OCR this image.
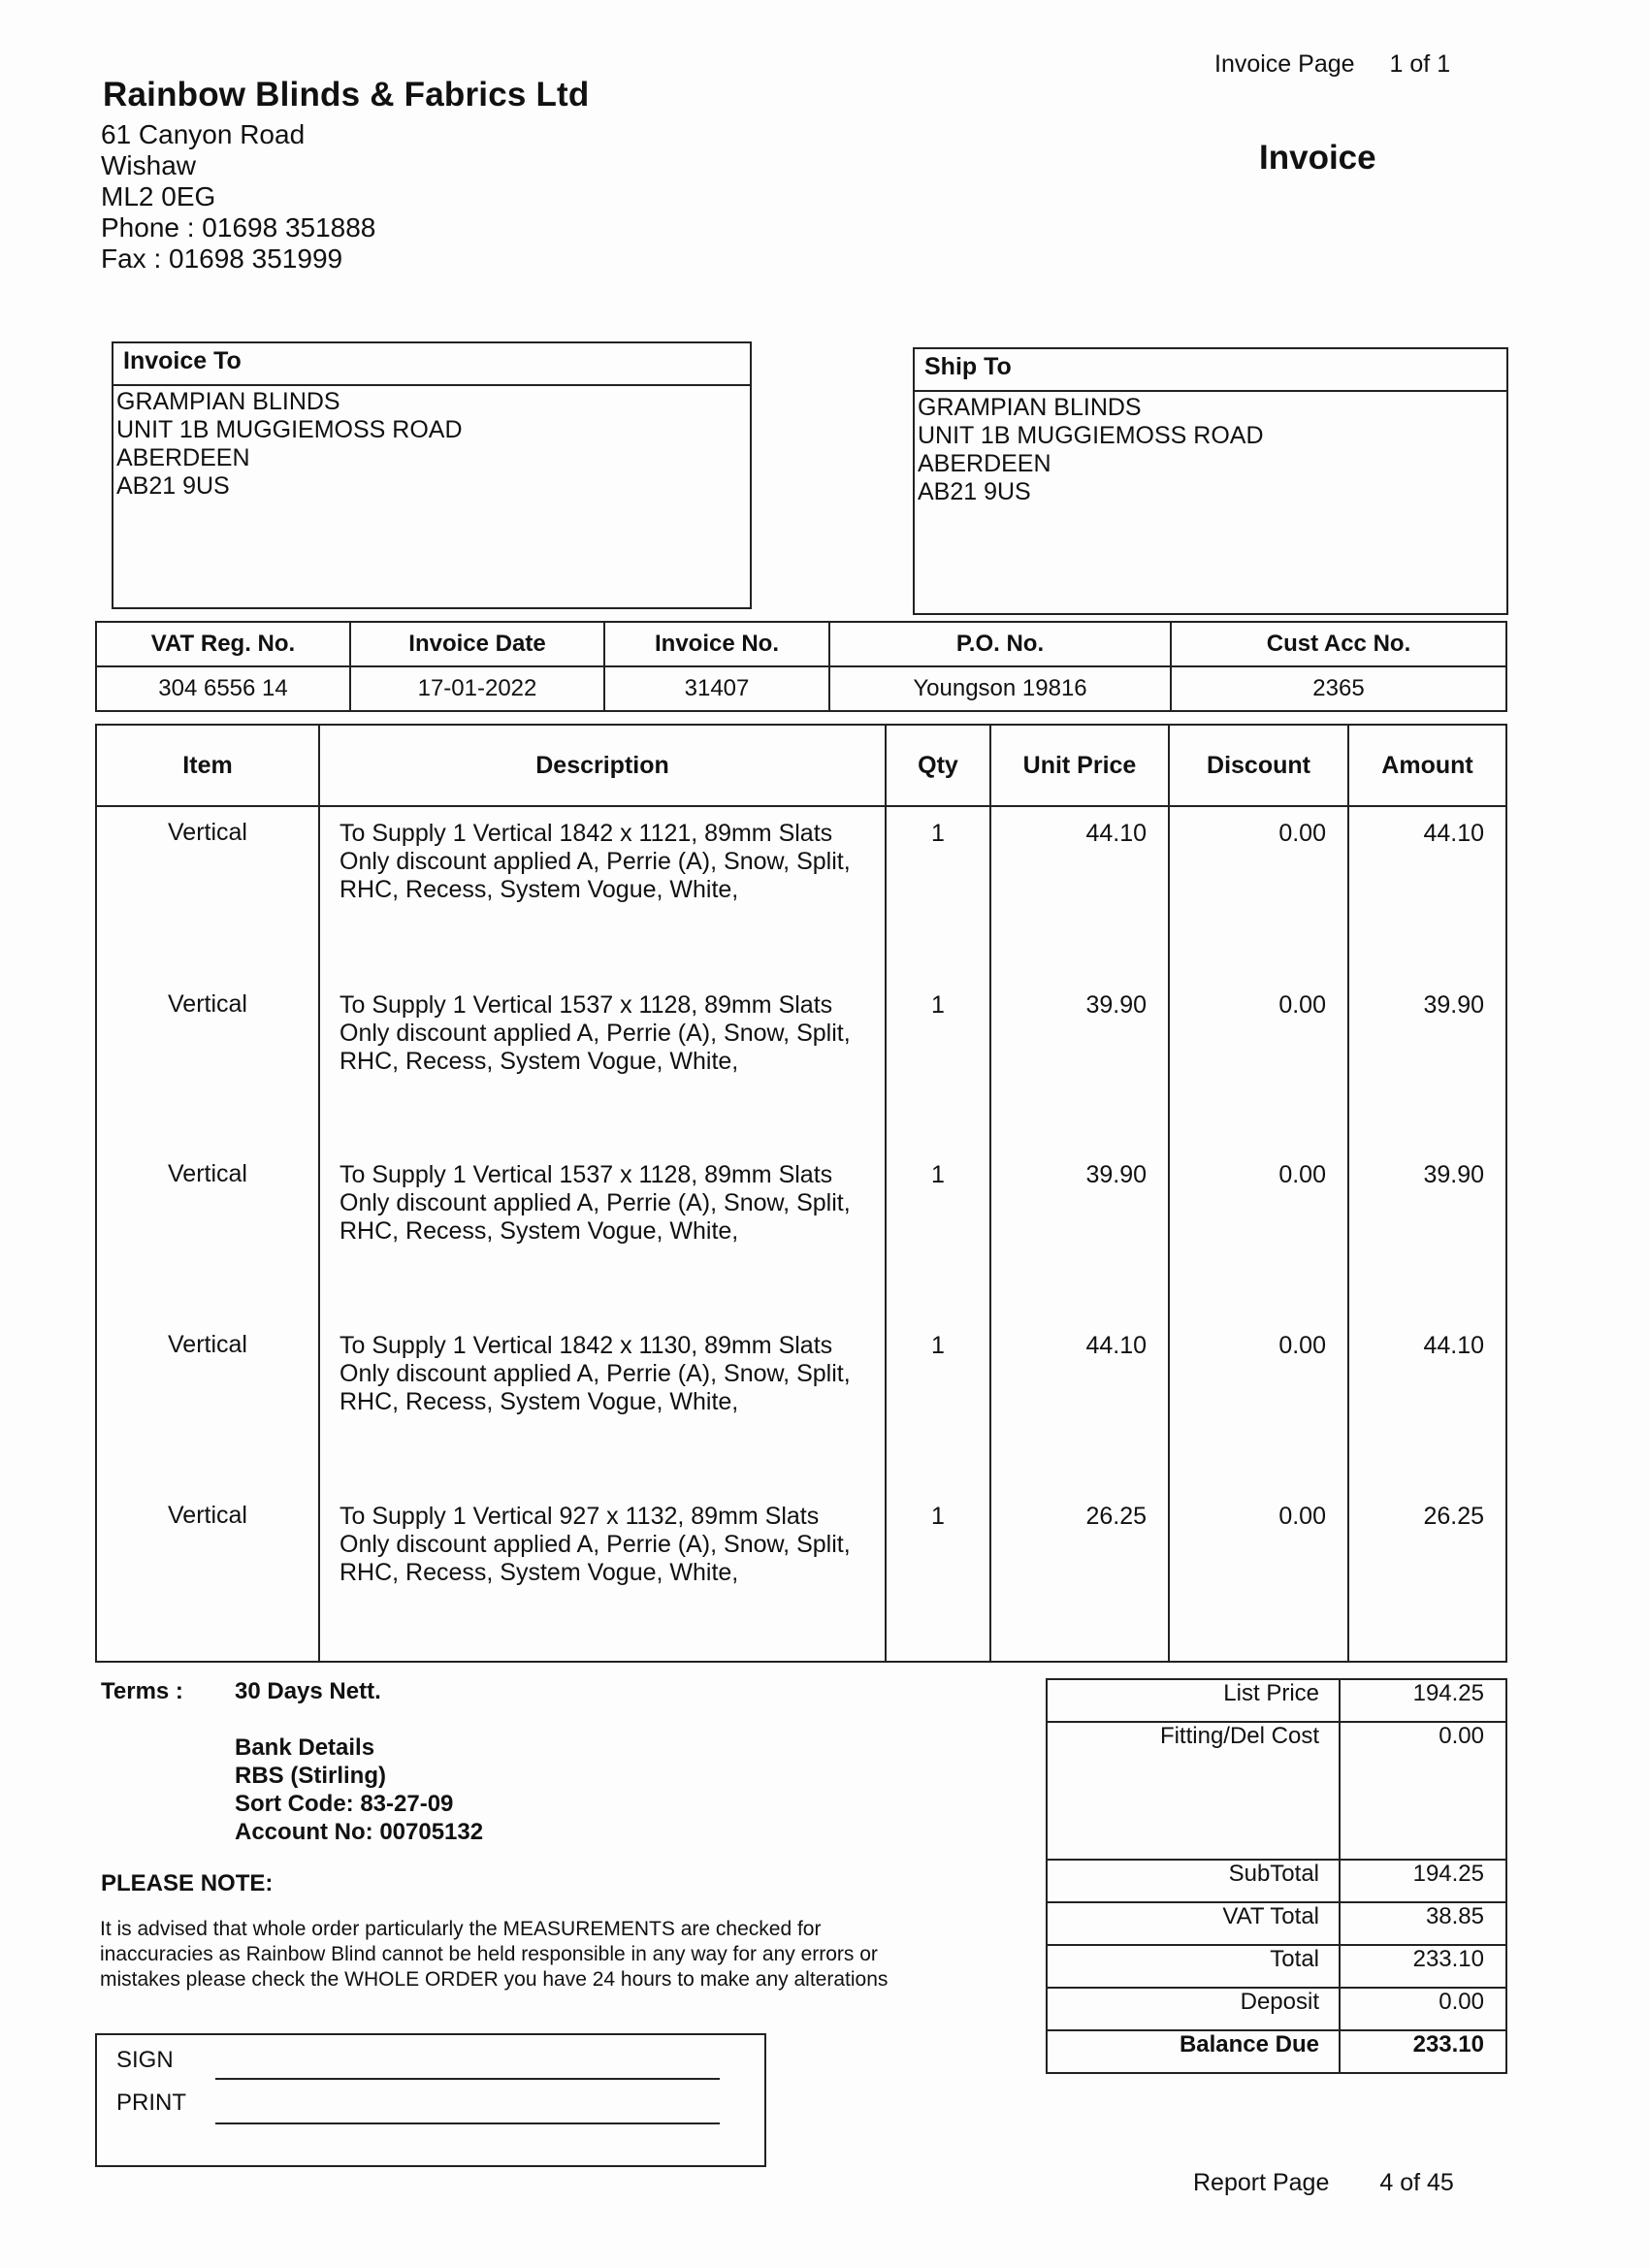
Invoice Page 1 of 1
Rainbow Blinds & Fabrics Ltd
61 Canyon Road
Wishaw
ML2 0EG
Phone : 01698 351888
Fax : 01698 351999
Invoice
Invoice To
GRAMPIAN BLINDS
UNIT 1B MUGGIEMOSS ROAD
ABERDEEN
AB21 9US
Ship To
GRAMPIAN BLINDS
UNIT 1B MUGGIEMOSS ROAD
ABERDEEN
AB21 9US
VAT Reg. No.	Invoice Date	Invoice No.	P.O. No.	Cust Acc No.
304 6556 14	17-01-2022	31407	Youngson 19816	2365
Item	Description	Qty	Unit Price	Discount	Amount

Vertical	To Supply 1 Vertical 1842 x 1121, 89mm Slats
Only discount applied A, Perrie (A), Snow, Split,
RHC, Recess, System Vogue, White,	1	44.10	0.00	44.10

Vertical	To Supply 1 Vertical 1537 x 1128, 89mm Slats
Only discount applied A, Perrie (A), Snow, Split,
RHC, Recess, System Vogue, White,	1	39.90	0.00	39.90

Vertical	To Supply 1 Vertical 1537 x 1128, 89mm Slats
Only discount applied A, Perrie (A), Snow, Split,
RHC, Recess, System Vogue, White,	1	39.90	0.00	39.90

Vertical	To Supply 1 Vertical 1842 x 1130, 89mm Slats
Only discount applied A, Perrie (A), Snow, Split,
RHC, Recess, System Vogue, White,	1	44.10	0.00	44.10

Vertical	To Supply 1 Vertical 927 x 1132, 89mm Slats
Only discount applied A, Perrie (A), Snow, Split,
RHC, Recess, System Vogue, White,	1	26.25	0.00	26.25
Terms : 30 Days Nett.
Bank Details
RBS (Stirling)
Sort Code: 83-27-09
Account No: 00705132
PLEASE NOTE:
It is advised that whole order particularly the MEASUREMENTS are checked for
inaccuracies as Rainbow Blind cannot be held responsible in any way for any errors or
mistakes please check the WHOLE ORDER you have 24 hours to make any alterations
SIGN
PRINT
List Price	194.25
Fitting/Del Cost	0.00
SubTotal	194.25
VAT Total	38.85
Total	233.10
Deposit	0.00
Balance Due	233.10
Report Page 4 of 45
